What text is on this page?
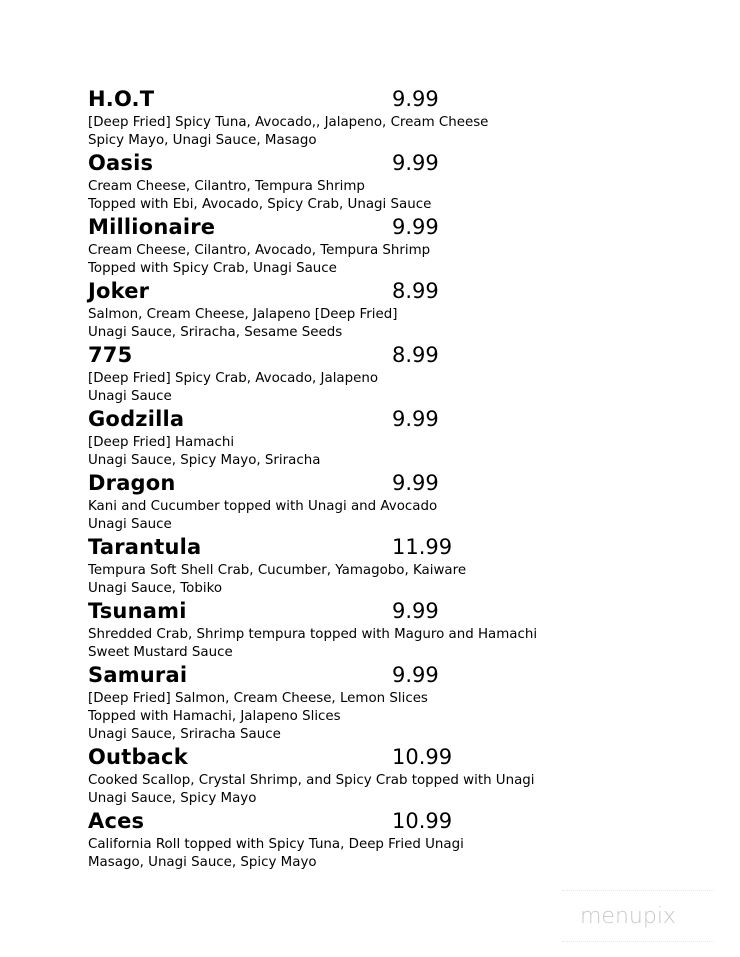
H.O.T	9.99
[Deep Fried] Spicy Tuna, Avocado,, Jalapeno, Cream Cheese
Spicy Mayo, Unagi Sauce, Masago
Oasis	9.99
Cream Cheese, Cilantro, Tempura Shrimp
Topped with Ebi, Avocado, Spicy Crab, Unagi Sauce
Millionaire	9.99
Cream Cheese, Cilantro, Avocado, Tempura Shrimp
Topped with Spicy Crab, Unagi Sauce
Joker	8.99
Salmon, Cream Cheese, Jalapeno [Deep Fried]
Unagi Sauce, Sriracha, Sesame Seeds
775	8.99
[Deep Fried] Spicy Crab, Avocado, Jalapeno
Unagi Sauce
Godzilla	9.99
[Deep Fried] Hamachi
Unagi Sauce, Spicy Mayo, Sriracha
Dragon	9.99
Kani and Cucumber topped with Unagi and Avocado
Unagi Sauce
Tarantula	11.99
Tempura Soft Shell Crab, Cucumber, Yamagobo, Kaiware
Unagi Sauce, Tobiko
Tsunami	9.99
Shredded Crab, Shrimp tempura topped with Maguro and Hamachi
Sweet Mustard Sauce
Samurai	9.99
[Deep Fried] Salmon, Cream Cheese, Lemon Slices
Topped with Hamachi, Jalapeno Slices
Unagi Sauce, Sriracha Sauce
Outback	10.99
Cooked Scallop, Crystal Shrimp, and Spicy Crab topped with Unagi
Unagi Sauce, Spicy Mayo
Aces	10.99
California Roll topped with Spicy Tuna, Deep Fried Unagi
Masago, Unagi Sauce, Spicy Mayo
menupix
